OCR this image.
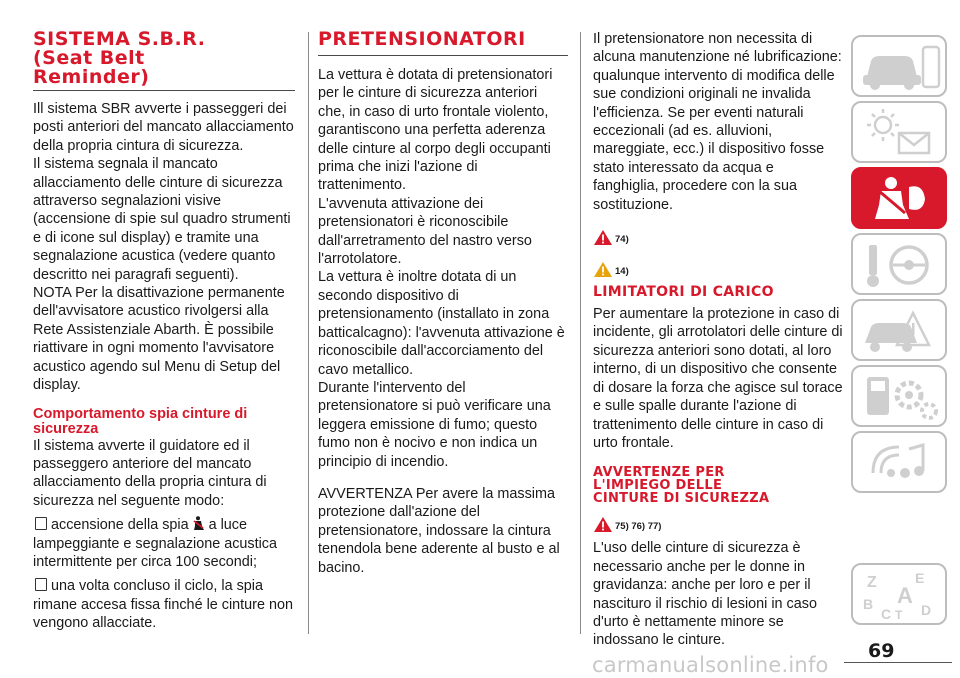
SISTEMA S.B.R.
(Seat Belt
Reminder)

Ill sistema SBR avverte i passeggeri dei posti anteriori del mancato allacciamento della propria cintura di sicurezza.

Il sistema segnala il mancato allacciamento delle cinture di sicurezza attraverso segnalazioni visive (accensione di spie sul quadro strumenti e di icone sul display) e tramite una segnalazione acustica (vedere quanto descritto nei paragrafi seguenti).

NOTA Per la disattivazione permanente dell'avvisatore acustico rivolgersi alla Rete Assistenziale Abarth. È possibile riattivare in ogni momento l'avvisatore acustico agendo sul Menu di Setup del display.

Comportamento spia cinture di sicurezza

Il sistema avverte il guidatore ed il passeggero anteriore del mancato allacciamento della propria cintura di sicurezza nel seguente modo:

accensione della spia a luce lampeggiante e segnalazione acustica intermittente per circa 100 secondi;

una volta concluso il ciclo, la spia rimane accesa fissa finché le cinture non vengono allacciate.

PRETENSIONATORI

La vettura è dotata di pretensionatori per le cinture di sicurezza anteriori che, in caso di urto frontale violento, garantiscono una perfetta aderenza delle cinture al corpo degli occupanti prima che inizi l'azione di trattenimento.

L'avvenuta attivazione dei pretensionatori è riconoscibile dall'arretramento del nastro verso l'arrotolatore.

La vettura è inoltre dotata di un secondo dispositivo di pretensionamento (installato in zona batticalcagno): l'avvenuta attivazione è riconoscibile dall'accorciamento del cavo metallico.

Durante l'intervento del pretensionatore si può verificare una leggera emissione di fumo; questo fumo non è nocivo e non indica un principio di incendio.

AVVERTENZA Per avere la massima protezione dall'azione del pretensionatore, indossare la cintura tenendola bene aderente al busto e al bacino.

Il pretensionatore non necessita di alcuna manutenzione né lubrificazione: qualunque intervento di modifica delle sue condizioni originali ne invalida l'efficienza. Se per eventi naturali eccezionali (ad es. alluvioni, mareggiate, ecc.) il dispositivo fosse stato interessato da acqua e fanghiglia, procedere con la sua sostituzione.

74)
14)
LIMITATORI DI CARICO

Per aumentare la protezione in caso di incidente, gli arrotolatori delle cinture di sicurezza anteriori sono dotati, al loro interno, di un dispositivo che consente di dosare la forza che agisce sul torace e sulle spalle durante l'azione di trattenimento delle cinture in caso di urto frontale.

AVVERTENZE PER
L'IMPIEGO DELLE
CINTURE DI SICUREZZA
75) 76) 77)

L'uso delle cinture di sicurezza è necessario anche per le donne in gravidanza: anche per loro e per il nascituro il rischio di lesioni in caso d'urto è nettamente minore se indossano le cinture.

Z	E
B A
C T D
69
carmanualsonline.info
